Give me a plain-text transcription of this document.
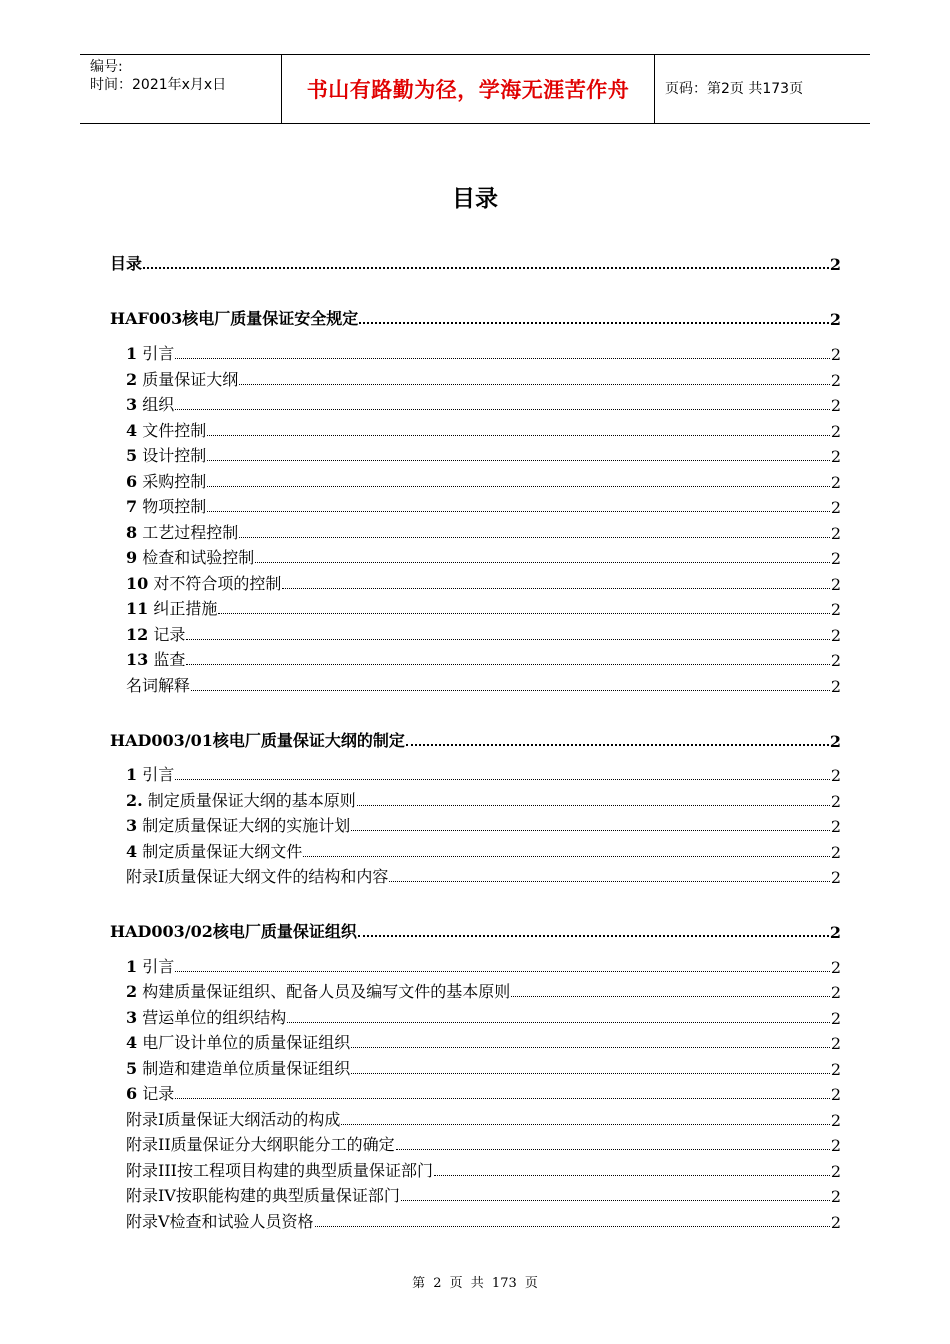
编号:
时间：2021年x月x日	书山有路勤为径，学海无涯苦作舟	页码：第2页 共173页
目录
目录	2
HAF003核电厂质量保证安全规定	2
1 引言	2
2 质量保证大纲	2
3 组织	2
4 文件控制	2
5 设计控制	2
6 采购控制	2
7 物项控制	2
8 工艺过程控制	2
9 检查和试验控制	2
10 对不符合项的控制	2
11 纠正措施	2
12 记录	2
13 监查	2
名词解释	2
HAD003/01核电厂质量保证大纲的制定	2
1 引言	2
2. 制定质量保证大纲的基本原则	2
3 制定质量保证大纲的实施计划	2
4 制定质量保证大纲文件	2
附录I质量保证大纲文件的结构和内容	2
HAD003/02核电厂质量保证组织	2
1 引言	2
2 构建质量保证组织、配备人员及编写文件的基本原则	2
3 营运单位的组织结构	2
4 电厂设计单位的质量保证组织	2
5 制造和建造单位质量保证组织	2
6 记录	2
附录I质量保证大纲活动的构成	2
附录II质量保证分大纲职能分工的确定	2
附录III按工程项目构建的典型质量保证部门	2
附录IV按职能构建的典型质量保证部门	2
附录V检查和试验人员资格	2
第 2 页 共 173 页
